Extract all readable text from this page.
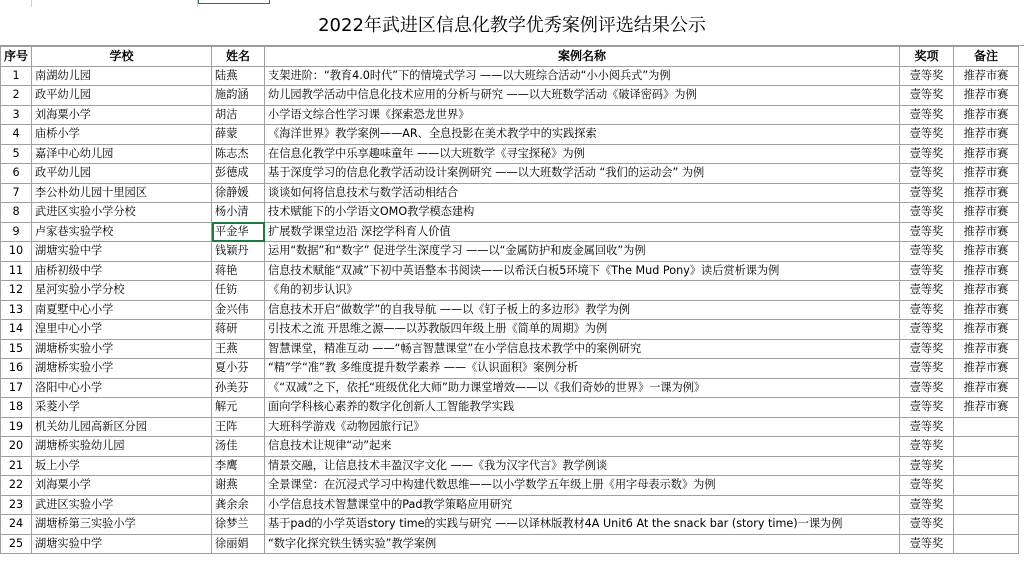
2022年武进区信息化教学优秀案例评选结果公示
序号	学校	姓名	案例名称	奖项	备注
1	南湖幼儿园	陆燕	支架进阶：“教育4.0时代”下的情境式学习 ——以大班综合活动“小小阅兵式”为例	壹等奖	推荐市赛
2	政平幼儿园	施韵涵	幼儿园教学活动中信息化技术应用的分析与研究 ——以大班数学活动《破译密码》为例	壹等奖	推荐市赛
3	刘海粟小学	胡洁	小学语文综合性学习课《探索恐龙世界》	壹等奖	推荐市赛
4	庙桥小学	薛蒙	《海洋世界》教学案例——AR、全息投影在美术教学中的实践探索	壹等奖	推荐市赛
5	嘉泽中心幼儿园	陈志杰	在信息化教学中乐享趣味童年 ——以大班数学《寻宝探秘》为例	壹等奖	推荐市赛
6	政平幼儿园	彭德成	基于深度学习的信息化教学活动设计案例研究 ——以大班数学活动 “我们的运动会” 为例	壹等奖	推荐市赛
7	李公朴幼儿园十里园区	徐静媛	谈谈如何将信息技术与数学活动相结合	壹等奖	推荐市赛
8	武进区实验小学分校	杨小清	技术赋能下的小学语文OMO教学模态建构	壹等奖	推荐市赛
9	卢家巷实验学校	平金华	扩展数学课堂边沿 深挖学科育人价值	壹等奖	推荐市赛
10	湖塘实验中学	钱颖丹	运用“数据”和“数字” 促进学生深度学习 ——以“金属防护和废金属回收”为例	壹等奖	推荐市赛
11	庙桥初级中学	蒋艳	信息技术赋能“双减”下初中英语整本书阅读——以希沃白板5环境下《The Mud Pony》读后赏析课为例	壹等奖	推荐市赛
12	星河实验小学分校	任钫	《角的初步认识》	壹等奖	推荐市赛
13	南夏墅中心小学	金兴伟	信息技术开启“做数学”的自我导航 ——以《钉子板上的多边形》教学为例	壹等奖	推荐市赛
14	湟里中心小学	蒋研	引技术之流 开思维之源——以苏教版四年级上册《简单的周期》为例	壹等奖	推荐市赛
15	湖塘桥实验小学	王燕	智慧课堂，精准互动 ——“畅言智慧课堂”在小学信息技术教学中的案例研究	壹等奖	推荐市赛
16	湖塘桥实验小学	夏小芬	“精”学“准”教 多维度提升数学素养 ——《认识面积》案例分析	壹等奖	推荐市赛
17	洛阳中心小学	孙美芬	《“双减”之下，依托“班级优化大师”助力课堂增效——以《我们奇妙的世界》一课为例》	壹等奖	推荐市赛
18	采菱小学	解元	面向学科核心素养的数字化创新人工智能教学实践	壹等奖	推荐市赛
19	机关幼儿园高新区分园	王阵	大班科学游戏《动物园旅行记》	壹等奖	
20	湖塘桥实验幼儿园	汤佳	信息技术让规律“动”起来	壹等奖	
21	坂上小学	李鹰	情景交融，让信息技术丰盈汉字文化 ——《我为汉字代言》教学例谈	壹等奖	
22	刘海粟小学	谢燕	全景课堂：在沉浸式学习中构建代数思维——以小学数学五年级上册《用字母表示数》为例	壹等奖	
23	武进区实验小学	龚余余	小学信息技术智慧课堂中的Pad教学策略应用研究	壹等奖	
24	湖塘桥第三实验小学	徐梦兰	基于pad的小学英语story time的实践与研究 ——以译林版教材4A Unit6 At the snack bar (story time)一课为例	壹等奖	
25	湖塘实验中学	徐丽娟	“数字化探究铁生锈实验”教学案例	壹等奖	
